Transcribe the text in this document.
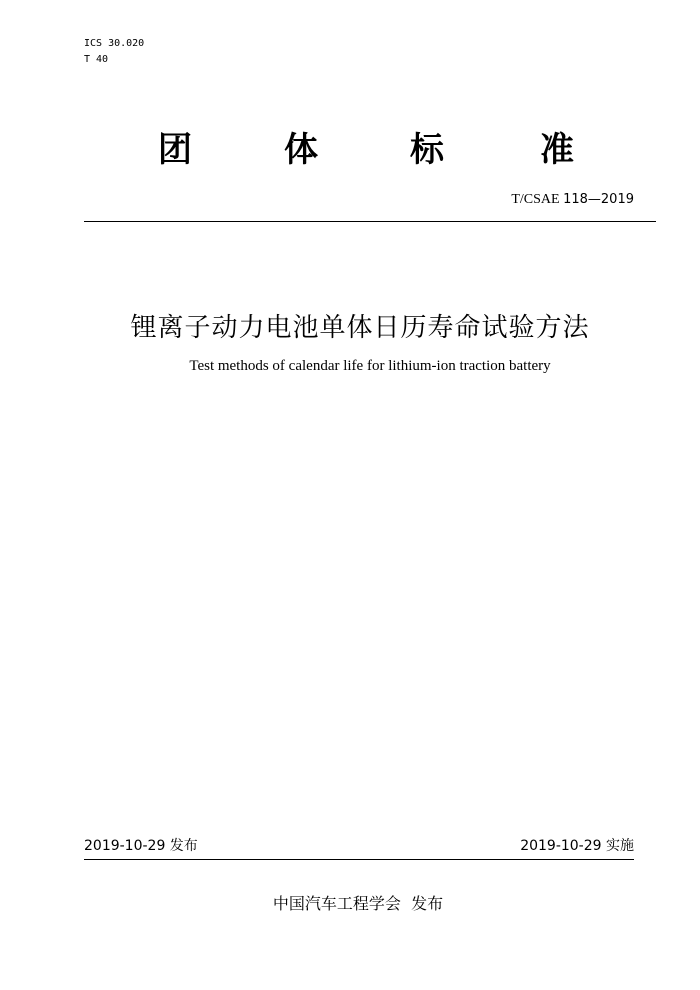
ICS 30.020
T 40
团	体	标	准
T/CSAE 118—2019
锂离子动力电池单体日历寿命试验方法
Test methods of calendar life for lithium-ion traction battery
2019-10-29 发布	2019-10-29 实施
中国汽车工程学会  发布
